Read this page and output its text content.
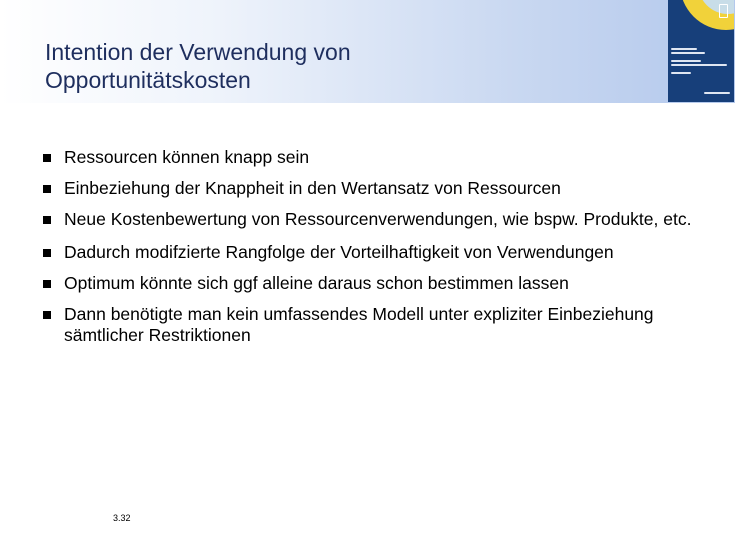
Intention der Verwendung von
Opportunitätskosten
Ressourcen können knapp sein
Einbeziehung der Knappheit in den Wertansatz von Ressourcen
Neue Kostenbewertung von Ressourcenverwendungen, wie bspw. Produkte, etc.
Dadurch modifzierte Rangfolge der Vorteilhaftigkeit von Verwendungen
Optimum könnte sich ggf alleine daraus schon bestimmen lassen
Dann benötigte man kein umfassendes Modell unter expliziter Einbeziehung sämtlicher Restriktionen
3.32
